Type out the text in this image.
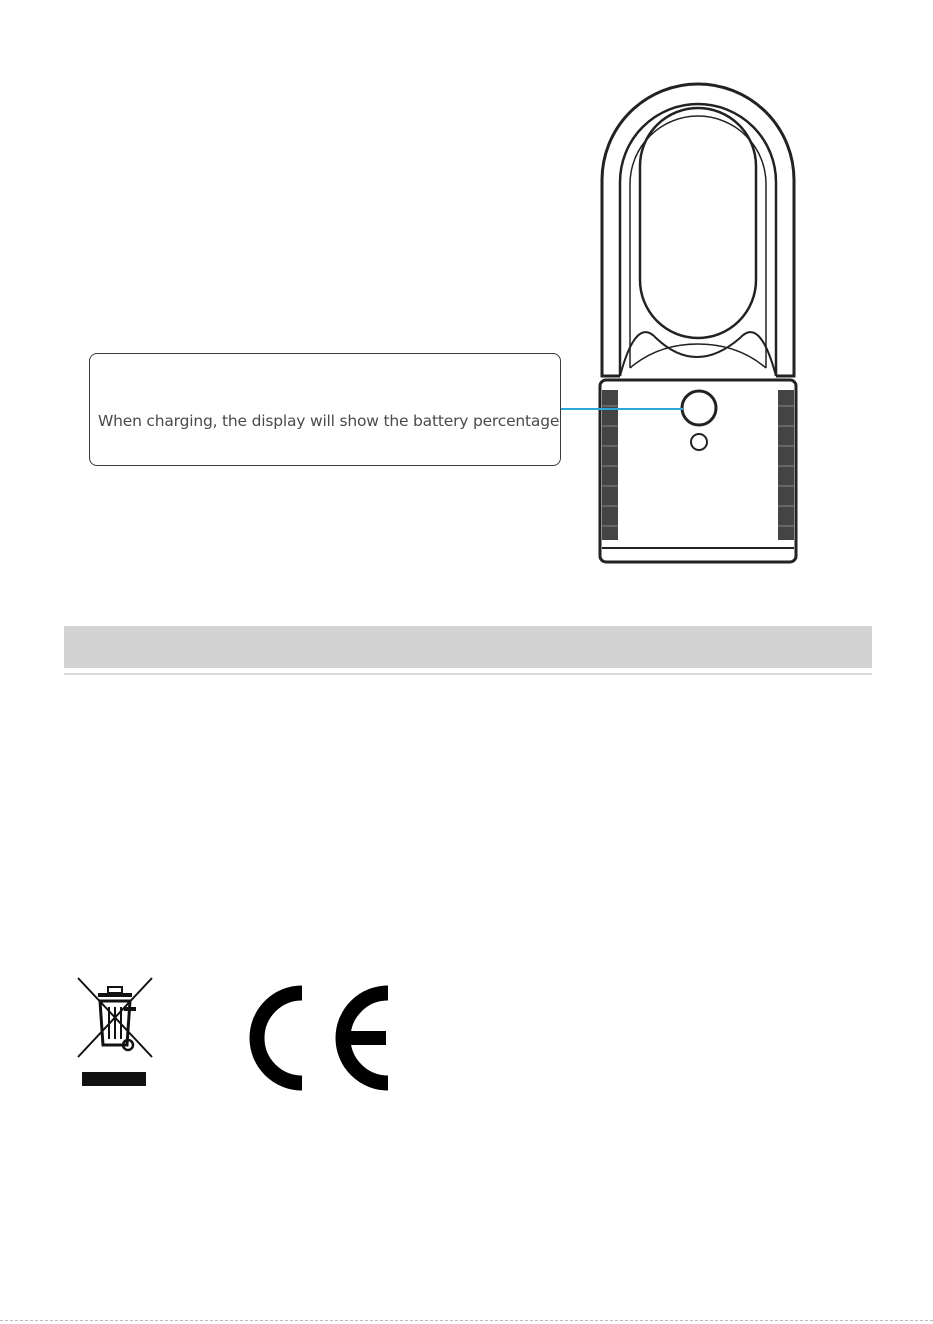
When charging, the display will show the battery percentage
